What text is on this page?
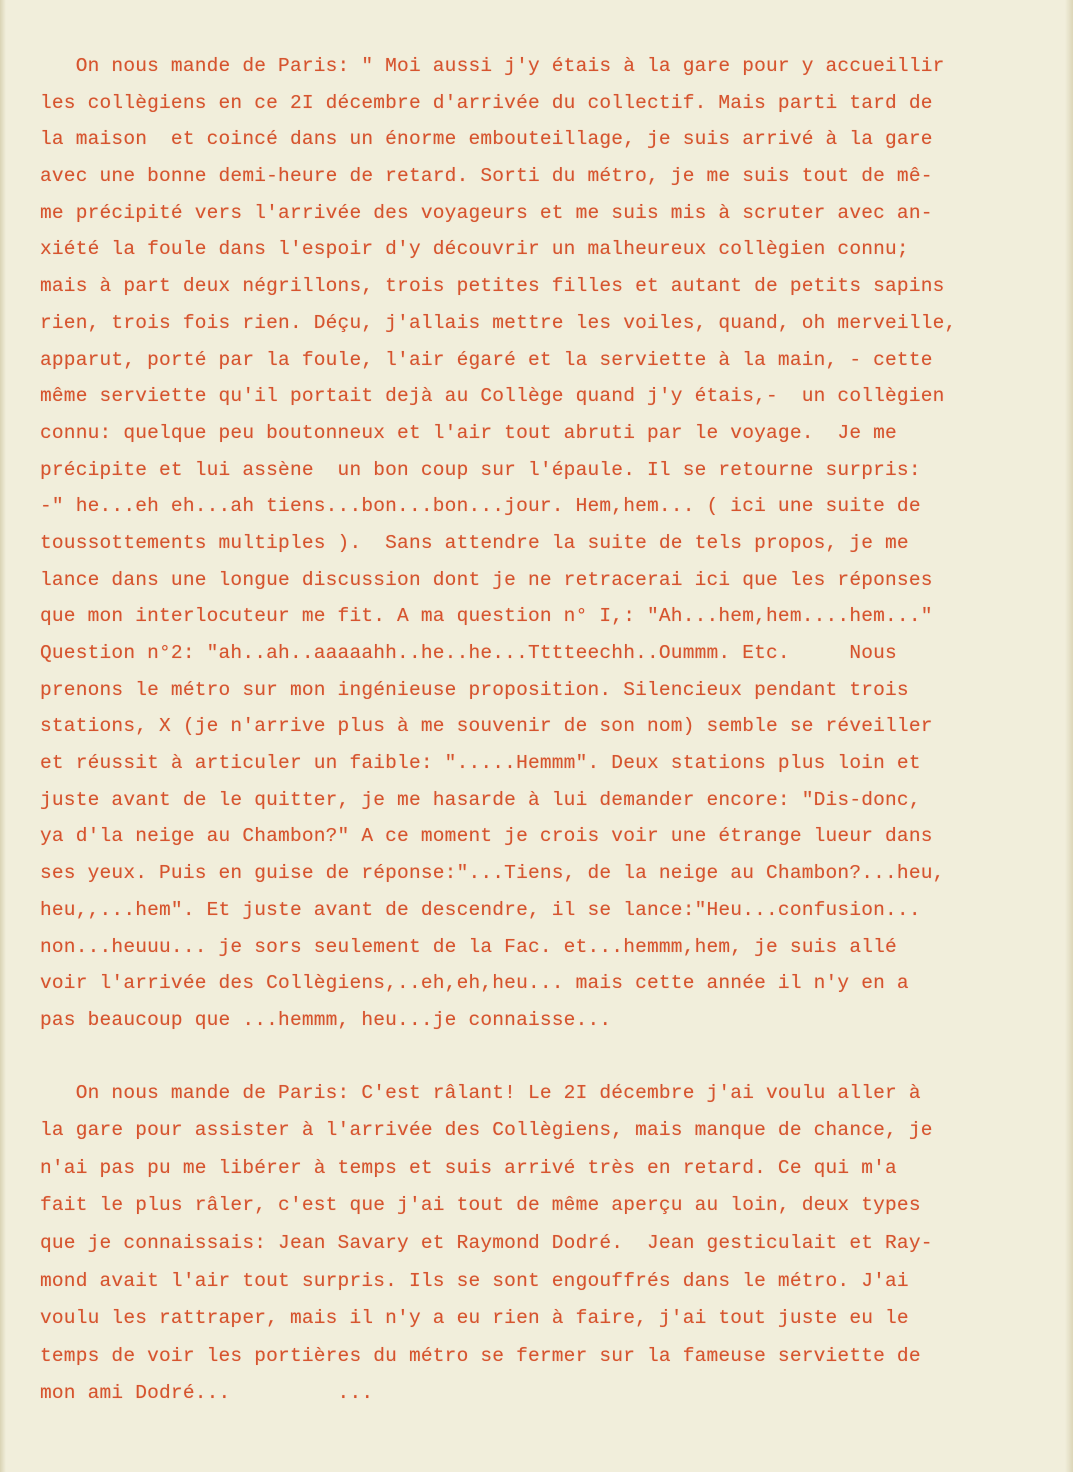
On nous mande de Paris: " Moi aussi j'y étais à la gare pour y accueillir
les collègiens en ce 2I décembre d'arrivée du collectif. Mais parti tard de
la maison  et coincé dans un énorme embouteillage, je suis arrivé à la gare
avec une bonne demi-heure de retard. Sorti du métro, je me suis tout de mê-
me précipité vers l'arrivée des voyageurs et me suis mis à scruter avec an-
xiété la foule dans l'espoir d'y découvrir un malheureux collègien connu;
mais à part deux négrillons, trois petites filles et autant de petits sapins
rien, trois fois rien. Déçu, j'allais mettre les voiles, quand, oh merveille,
apparut, porté par la foule, l'air égaré et la serviette à la main, - cette
même serviette qu'il portait dejà au Collège quand j'y étais,-  un collègien
connu: quelque peu boutonneux et l'air tout abruti par le voyage.  Je me
précipite et lui assène  un bon coup sur l'épaule. Il se retourne surpris:
-" he...eh eh...ah tiens...bon...bon...jour. Hem,hem... ( ici une suite de
toussottements multiples ).  Sans attendre la suite de tels propos, je me
lance dans une longue discussion dont je ne retracerai ici que les réponses
que mon interlocuteur me fit. A ma question n° I,: "Ah...hem,hem....hem..."
Question n°2: "ah..ah..aaaaahh..he..he...Tttteechh..Oummm. Etc.     Nous
prenons le métro sur mon ingénieuse proposition. Silencieux pendant trois
stations, X (je n'arrive plus à me souvenir de son nom) semble se réveiller
et réussit à articuler un faible: ".....Hemmm". Deux stations plus loin et
juste avant de le quitter, je me hasarde à lui demander encore: "Dis-donc,
ya d'la neige au Chambon?" A ce moment je crois voir une étrange lueur dans
ses yeux. Puis en guise de réponse:"...Tiens, de la neige au Chambon?...heu,
heu,,...hem". Et juste avant de descendre, il se lance:"Heu...confusion...
non...heuuu... je sors seulement de la Fac. et...hemmm,hem, je suis allé
voir l'arrivée des Collègiens,..eh,eh,heu... mais cette année il n'y en a
pas beaucoup que ...hemmm, heu...je connaisse...
On nous mande de Paris: C'est râlant! Le 2I décembre j'ai voulu aller à
la gare pour assister à l'arrivée des Collègiens, mais manque de chance, je
n'ai pas pu me libérer à temps et suis arrivé très en retard. Ce qui m'a
fait le plus râler, c'est que j'ai tout de même aperçu au loin, deux types
que je connaissais: Jean Savary et Raymond Dodré.  Jean gesticulait et Ray-
mond avait l'air tout surpris. Ils se sont engouffrés dans le métro. J'ai
voulu les rattraper, mais il n'y a eu rien à faire, j'ai tout juste eu le
temps de voir les portières du métro se fermer sur la fameuse serviette de
mon ami Dodré...         ...
